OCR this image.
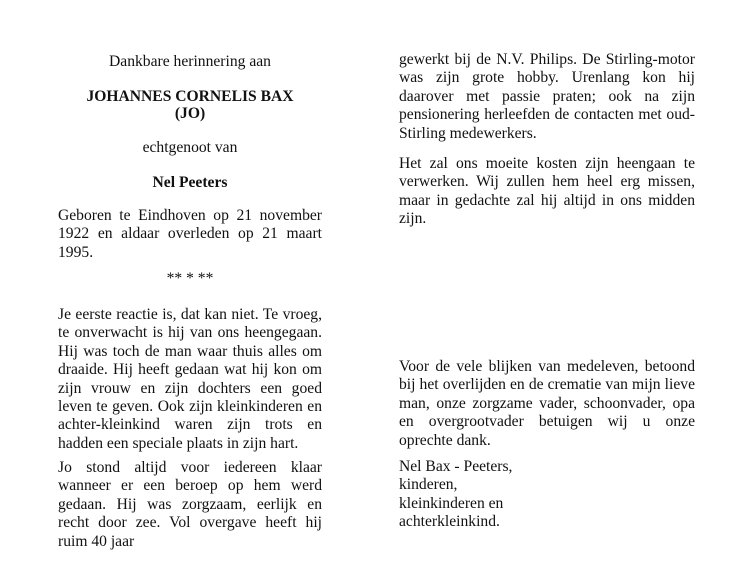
Dankbare herinnering aan
JOHANNES CORNELIS BAX
(JO)
echtgenoot van
Nel Peeters

Geboren te Eindhoven op 21 november 1922 en aldaar overleden op 21 maart 1995.

** * **

Je eerste reactie is, dat kan niet. Te vroeg, te onverwacht is hij van ons heengegaan. Hij was toch de man waar thuis alles om draaide. Hij heeft gedaan wat hij kon om zijn vrouw en zijn dochters een goed leven te geven. Ook zijn kleinkinderen en achter-kleinkind waren zijn trots en hadden een speciale plaats in zijn hart.

Jo stond altijd voor iedereen klaar wanneer er een beroep op hem werd gedaan. Hij was zorgzaam, eerlijk en recht door zee. Vol overgave heeft hij ruim 40 jaar

gewerkt bij de N.V. Philips. De Stirling-motor was zijn grote hobby. Urenlang kon hij daarover met passie praten; ook na zijn pensionering herleefden de contacten met oud-Stirling medewerkers.

Het zal ons moeite kosten zijn heengaan te verwerken. Wij zullen hem heel erg missen, maar in gedachte zal hij altijd in ons midden zijn.

Voor de vele blijken van medeleven, betoond bij het overlijden en de crematie van mijn lieve man, onze zorgzame vader, schoonvader, opa en overgrootvader betuigen wij u onze oprechte dank.

Nel Bax - Peeters,
kinderen,
kleinkinderen en
achterkleinkind.
